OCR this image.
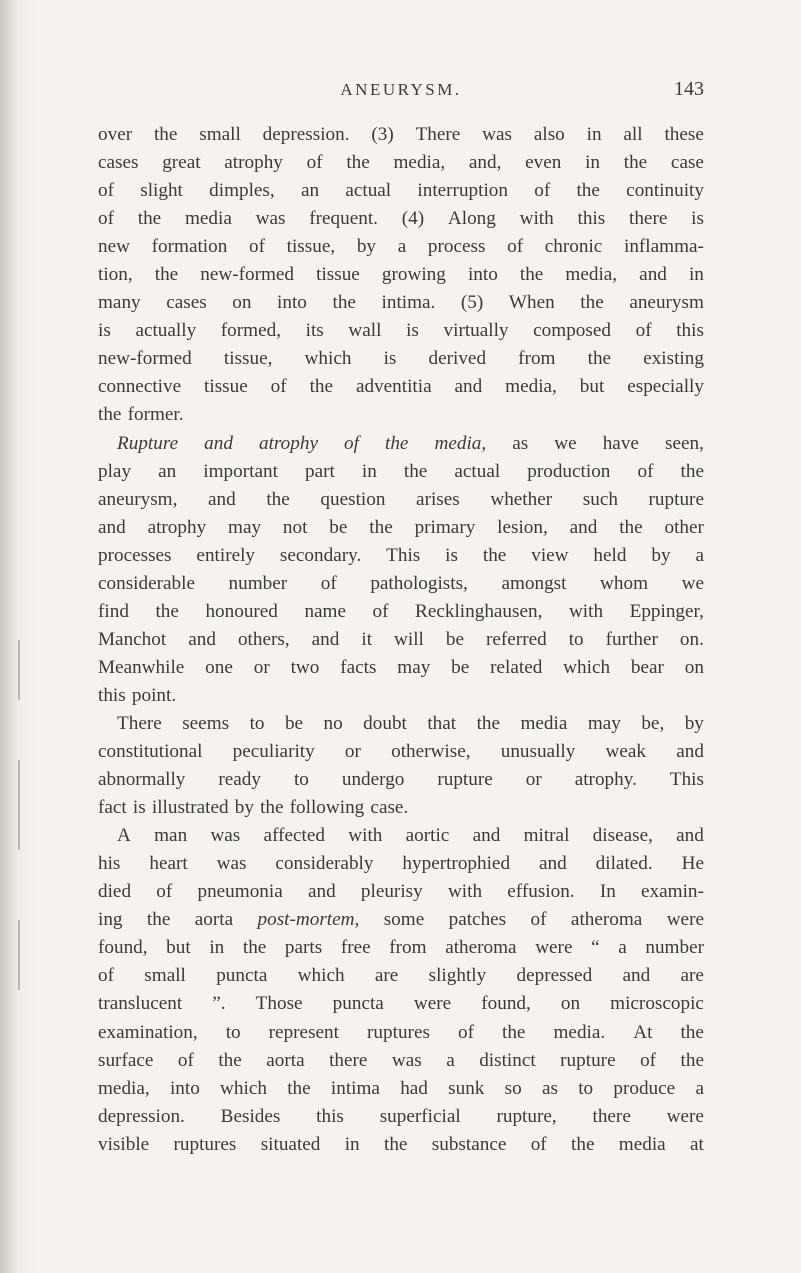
ANEURYSM.	143
over the small depression. (3) There was also in all these
cases great atrophy of the media, and, even in the case
of slight dimples, an actual interruption of the continuity
of the media was frequent. (4) Along with this there is
new formation of tissue, by a process of chronic inflamma-
tion, the new-formed tissue growing into the media, and in
many cases on into the intima. (5) When the aneurysm
is actually formed, its wall is virtually composed of this
new-formed tissue, which is derived from the existing
connective tissue of the adventitia and media, but especially
the former.
Rupture and atrophy of the media, as we have seen,
play an important part in the actual production of the
aneurysm, and the question arises whether such rupture
and atrophy may not be the primary lesion, and the other
processes entirely secondary. This is the view held by a
considerable number of pathologists, amongst whom we
find the honoured name of Recklinghausen, with Eppinger,
Manchot and others, and it will be referred to further on.
Meanwhile one or two facts may be related which bear on
this point.
There seems to be no doubt that the media may be, by
constitutional peculiarity or otherwise, unusually weak and
abnormally ready to undergo rupture or atrophy. This
fact is illustrated by the following case.
A man was affected with aortic and mitral disease, and
his heart was considerably hypertrophied and dilated. He
died of pneumonia and pleurisy with effusion. In examin-
ing the aorta post-mortem, some patches of atheroma were
found, but in the parts free from atheroma were “ a number
of small puncta which are slightly depressed and are
translucent ”. Those puncta were found, on microscopic
examination, to represent ruptures of the media. At the
surface of the aorta there was a distinct rupture of the
media, into which the intima had sunk so as to produce a
depression. Besides this superficial rupture, there were
visible ruptures situated in the substance of the media at
